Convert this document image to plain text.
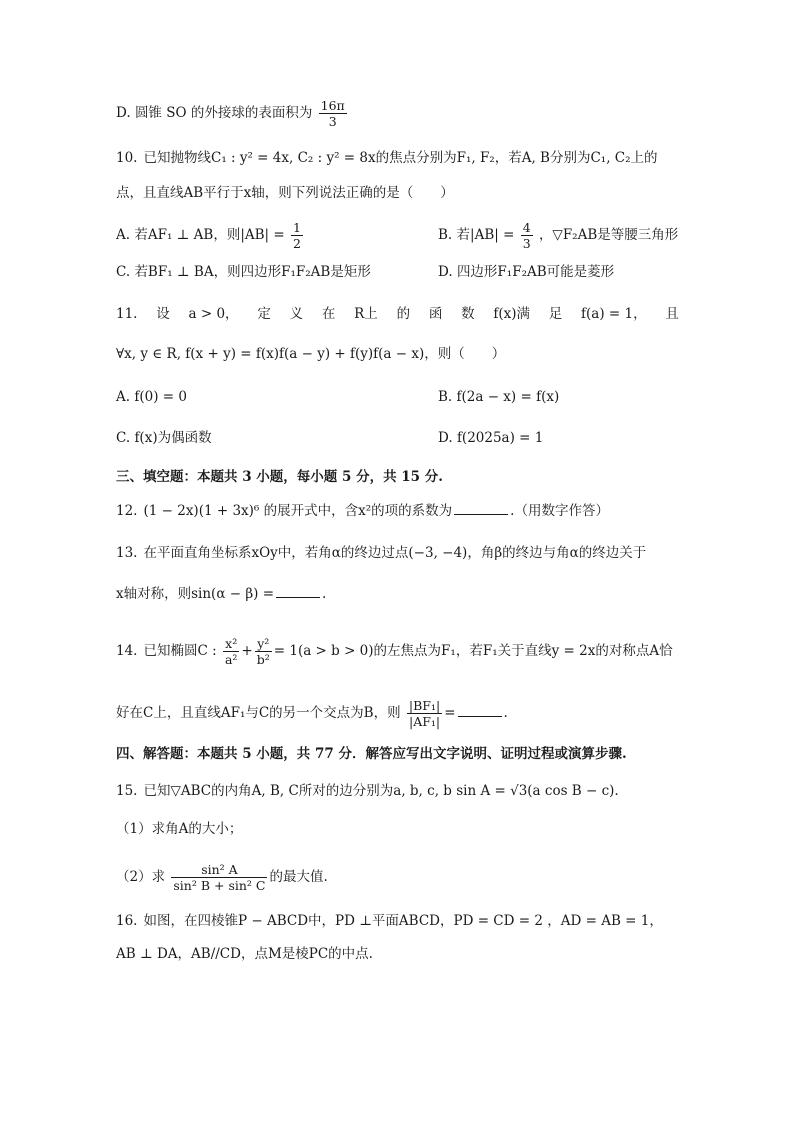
D. 圆锥 SO 的外接球的表面积为 $\frac{16\pi}{3}$
10. 已知抛物线C₁ : y² = 4x, C₂ : y² = 8x的焦点分别为F₁, F₂，若A, B分别为C₁, C₂上的
点，且直线AB平行于x轴，则下列说法正确的是（　　）
A. 若AF₁ ⊥ AB，则$|AB| = \frac{1}{2}$	B. 若$|AB| = \frac{4}{3}$ ，▽F₂AB是等腰三角形
C. 若BF₁ ⊥ BA，则四边形F₁F₂AB是矩形	D. 四边形F₁F₂AB可能是菱形
11. 设 a > 0， 定 义 在 R上 的 函 数 f(x)满 足 f(a) = 1， 且
∀x, y ∈ R, f(x + y) = f(x)f(a − y) + f(y)f(a − x)，则（　　）
A. f(0) = 0	B. f(2a − x) = f(x)
C. f(x)为偶函数	D. f(2025a) = 1
三、填空题：本题共 3 小题，每小题 5 分，共 15 分.
12. (1 − 2x)(1 + 3x)⁶ 的展开式中，含x²的项的系数为	.（用数字作答）
13. 在平面直角坐标系xOy中，若角α的终边过点(−3, −4)，角β的终边与角α的终边关于
x轴对称，则sin(α − β) =	.
14. 已知椭圆C : $\frac{\text{x²}}{\text{a²}} + \frac{\text{y²}}{\text{b²}} = 1(a > b > 0)$的左焦点为F₁，若F₁关于直线y = 2x的对称点A恰
好在C上，且直线AF₁与C的另一个交点为B，则 $\frac{\text{|BF₁|}}{\text{|AF₁|}}$ =	.
四、解答题：本题共 5 小题，共 77 分．解答应写出文字说明、证明过程或演算步骤.
15. 已知▽ABC的内角A, B, C所对的边分别为a, b, c, b sin A = √3(a cos B − c).
（1）求角A的大小；
（2）求 $\frac{\text{sin² A}}{\text{sin² B + sin² C}}$ 的最大值.
16. 如图，在四棱锥P − ABCD中，PD ⊥平面ABCD，PD = CD = 2 ，AD = AB = 1，
AB ⊥ DA，AB//CD，点M是棱PC的中点.
